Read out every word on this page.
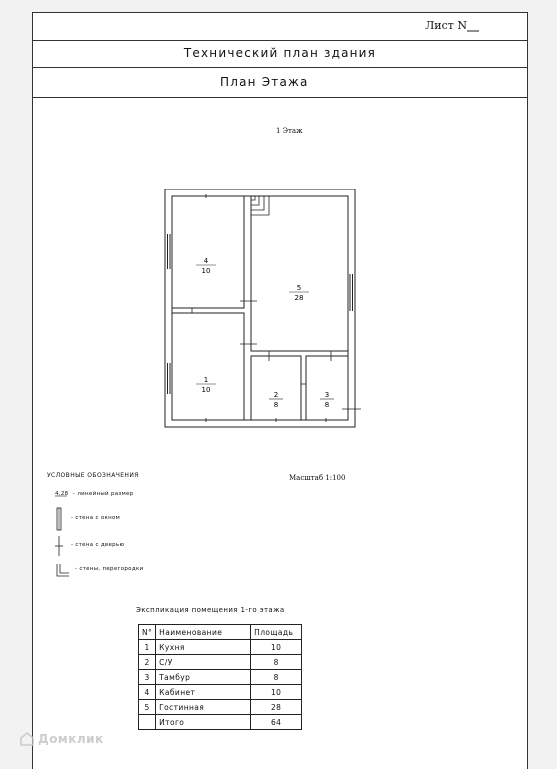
Лист N
Технический план здания
План Этажа
1 Этаж
4
10
5
28
1
10
2
8
3
8
УСЛОВНЫЕ ОБОЗНАЧЕНИЯ	Масштаб 1:100
4,28 - линейный размер
- стена с окном
- стена с дверью
- стены, перегородки
Экспликация помещения 1-го этажа
N°	Наименование	Площадь
1	Кухня	10
2	С/У	8
3	Тамбур	8
4	Кабинет	10
5	Гостинная	28
	Итого	64
Домклик
